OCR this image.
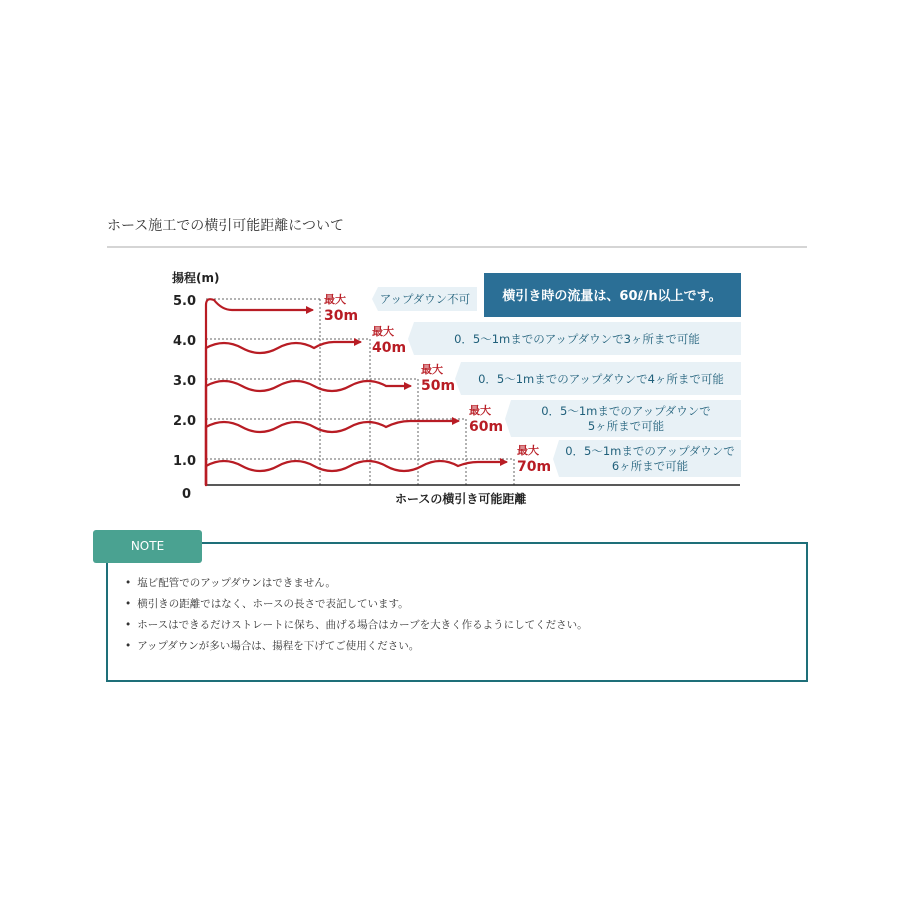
ホース施工での横引可能距離について
揚程(m)
ホースの横引き可能距離
0
5.0
4.0
3.0
2.0
1.0
アップダウン不可 横引き時の流量は、60ℓ/h以上です。
0．5～1mまでのアップダウンで3ヶ所まで可能
0．5～1mまでのアップダウンで4ヶ所まで可能
0．5～1mまでのアップダウンで
5ヶ所まで可能
0．5～1mまでのアップダウンで
6ヶ所まで可能
最大
30m
最大
40m
最大
50m
最大
60m
最大
70m
NOTE
• 塩ビ配管でのアップダウンはできません。
• 横引きの距離ではなく、ホースの長さで表記しています。
• ホースはできるだけストレートに保ち、曲げる場合はカーブを大きく作るようにしてください。
• アップダウンが多い場合は、揚程を下げてご使用ください。
